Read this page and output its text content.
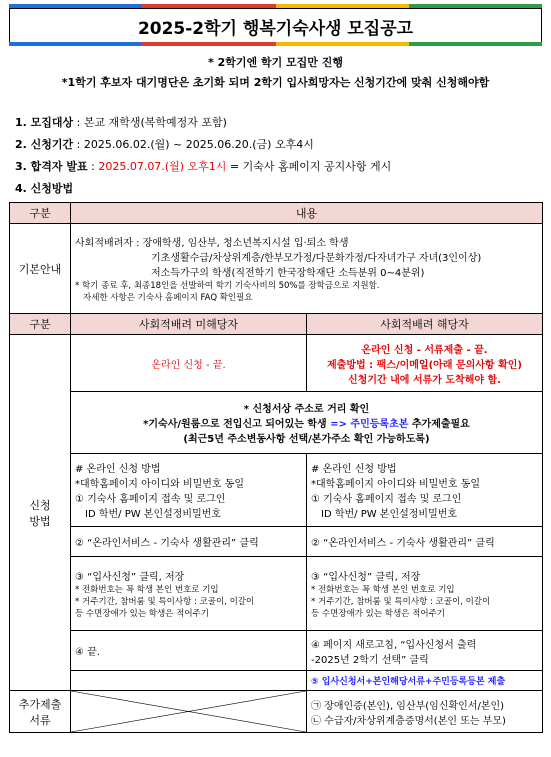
2025-2학기 행복기숙사생 모집공고
* 2학기엔 학기 모집만 진행
*1학기 후보자 대기명단은 초기화 되며 2학기 입사희망자는 신청기간에 맞춰 신청해야함
1. 모집대상 : 본교 재학생(복학예정자 포함)
2. 신청기간 : 2025.06.02.(월) ~ 2025.06.20.(금) 오후4시
3. 합격자 발표 : 2025.07.07.(월) 오후1시 = 기숙사 홈페이지 공지사항 게시
4. 신청방법
구분	내용	
기본안내	사회적배려자 : 장애학생, 임산부, 청소년복지시설 입·퇴소 학생
기초생활수급/차상위계층/한부모가정/다문화가정/다자녀가구 자녀(3인이상)
저소득가구의 학생(직전학기 한국장학재단 소득분위 0~4분위)
* 학기 종료 후, 최종18인을 선발하여 학기 기숙사비의 50%를 장학금으로 지원함.
자세한 사항은 기숙사 홈페이지 FAQ 확인필요	

구분	사회적배려 미해당자	사회적배려 해당자
신청
방법	온라인 신청 - 끝.	온라인 신청 - 서류제출 - 끝.
제출방법 : 팩스/이메일(아래 문의사항 확인)
신청기간 내에 서류가 도착해야 함.

	* 신청서상 주소로 거리 확인
*기숙사/원룸으로 전입신고 되어있는 학생 => 주민등록초본 추가제출필요
(최근5년 주소변동사항 선택/본가주소 확인 가능하도록)	

	# 온라인 신청 방법
*대학홈페이지 아이디와 비밀번호 동일
① 기숙사 홈페이지 접속 및 로그인
ID 학번/ PW 본인설정비밀번호	# 온라인 신청 방법
*대학홈페이지 아이디와 비밀번호 동일
① 기숙사 홈페이지 접속 및 로그인
ID 학번/ PW 본인설정비밀번호

	② “온라인서비스 - 기숙사 생활관리” 클릭	② “온라인서비스 - 기숙사 생활관리” 클릭

	③ “입사신청” 클릭, 저장
* 전화번호는 꼭 학생 본인 번호로 기입
* 거주기간, 참버룸 및 특이사항 : 코골이, 이갈이
등 수면장애가 있는 학생은 적어주기	③ “입사신청” 클릭, 저장
* 전화번호는 꼭 학생 본인 번호로 기입
* 거주기간, 참버룸 및 특이사항 : 코골이, 이갈이
등 수면장애가 있는 학생은 적어주기

	④ 끝.	④ 페이지 새로고침, “입사신청서 출력
-2025년 2학기 선택” 클릭

		⑤ 입사신청서+본인해당서류+주민등록등본 제출
추가제출
서류		㉠ 장애인증(본인), 임산부(임신확인서/본인)
㉡ 수급자/차상위계층증명서(본인 또는 부모)
